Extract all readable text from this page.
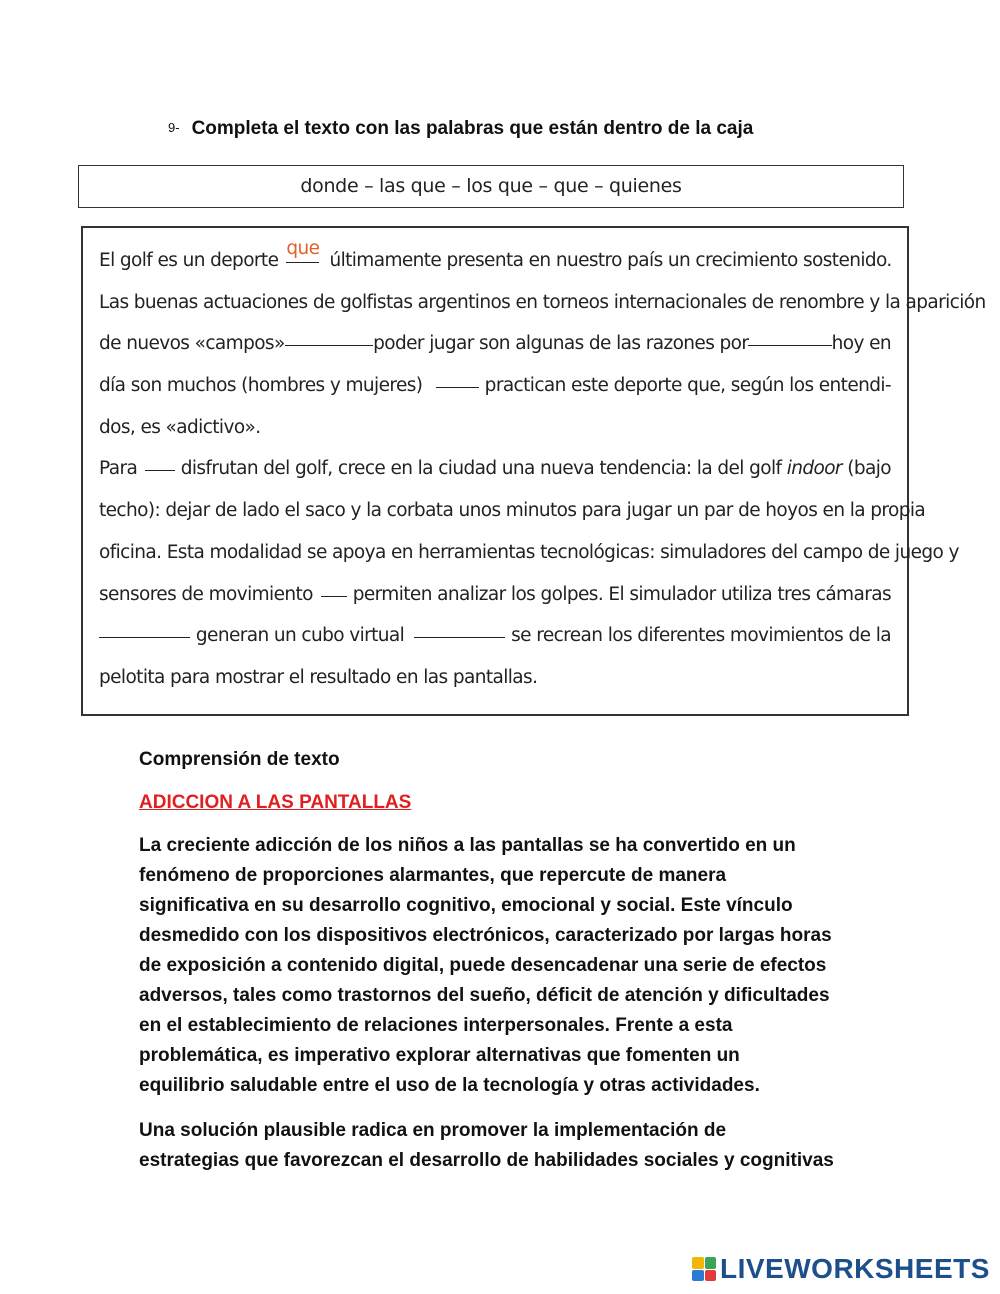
9- Completa el texto con las palabras que están dentro de la caja
donde – las que – los que – que – quienes
El golf es un deporte
que
últimamente presenta en nuestro país un crecimiento sostenido.
Las buenas actuaciones de golfistas argentinos en torneos internacionales de renombre y la aparición
de nuevos «campos»	poder jugar son algunas de las razones por	hoy en
día son muchos (hombres y mujeres)	practican este deporte que, según los entendi-
dos, es «adictivo».
Para disfrutan del golf, crece en la ciudad una nueva tendencia: la del golf
indoor
(bajo
techo): dejar de lado el saco y la corbata unos minutos para jugar un par de hoyos en la propia
oficina. Esta modalidad se apoya en herramientas tecnológicas: simuladores del campo de juego y
sensores de movimiento permiten analizar los golpes. El simulador utiliza tres cámaras
generan un cubo virtual	se recrean los diferentes movimientos de la
pelotita para mostrar el resultado en las pantallas.
Comprensión de texto
ADICCION A LAS PANTALLAS
La creciente adicción de los niños a las pantallas se ha convertido en un
fenómeno de proporciones alarmantes, que repercute de manera
significativa en su desarrollo cognitivo, emocional y social. Este vínculo
desmedido con los dispositivos electrónicos, caracterizado por largas horas
de exposición a contenido digital, puede desencadenar una serie de efectos
adversos, tales como trastornos del sueño, déficit de atención y dificultades
en el establecimiento de relaciones interpersonales. Frente a esta
problemática, es imperativo explorar alternativas que fomenten un
equilibrio saludable entre el uso de la tecnología y otras actividades.
Una solución plausible radica en promover la implementación de
estrategias que favorezcan el desarrollo de habilidades sociales y cognitivas
LIVEWORKSHEETS
